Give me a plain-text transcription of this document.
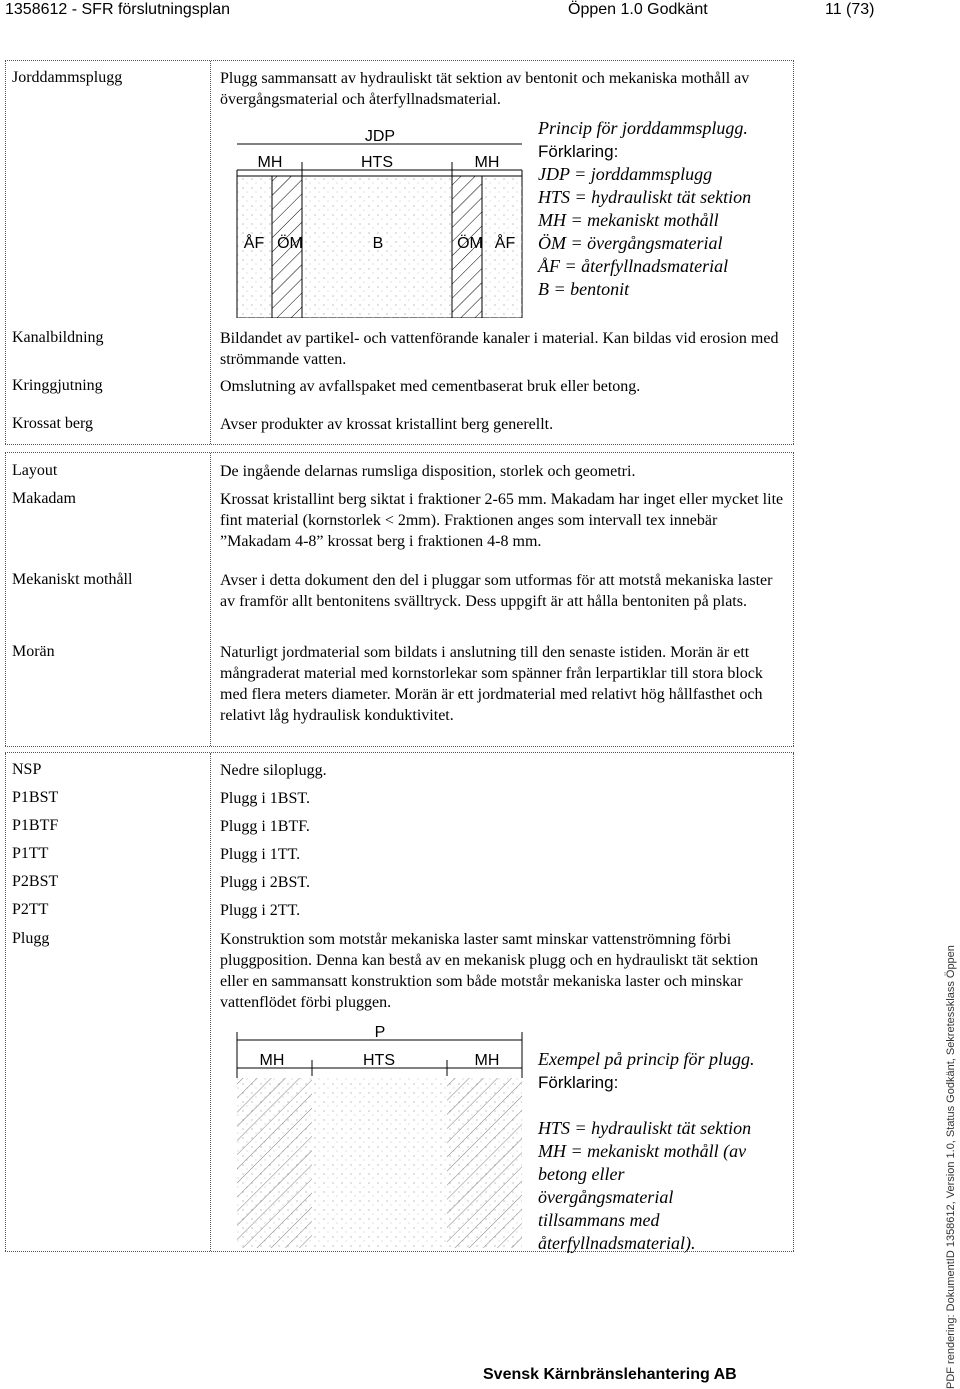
1358612 - SFR förslutningsplan	Öppen 1.0 Godkänt	11 (73)
Jorddammsplugg	Plugg sammansatt av hydrauliskt tät sektion av bentonit och mekaniska mothåll av övergångsmaterial och återfyllnadsmaterial.
JDP
HTS
MH	MH
ÅF ÖM	B	ÖM ÅF
Princip för jorddammsplugg.
Förklaring:
JDP = jorddammsplugg
HTS = hydrauliskt tät sektion
MH = mekaniskt mothåll
ÖM = övergångsmaterial
ÅF = återfyllnadsmaterial
B = bentonit
Kanalbildning	Bildandet av partikel- och vattenförande kanaler i material. Kan bildas vid erosion med strömmande vatten.
Kringgjutning	Omslutning av avfallspaket med cementbaserat bruk eller betong.
Krossat berg	Avser produkter av krossat kristallint berg generellt.
Layout	De ingående delarnas rumsliga disposition, storlek och geometri.
Makadam	Krossat kristallint berg siktat i fraktioner 2-65 mm. Makadam har inget eller mycket lite fint material (kornstorlek < 2mm). Fraktionen anges som intervall tex innebär ”Makadam 4-8” krossat berg i fraktionen 4-8 mm.
Mekaniskt mothåll	Avser i detta dokument den del i pluggar som utformas för att motstå mekaniska laster av framför allt bentonitens svälltryck. Dess uppgift är att hålla bentoniten på plats.
Morän	Naturligt jordmaterial som bildats i anslutning till den senaste istiden. Morän är ett mångraderat material med kornstorlekar som spänner från lerpartiklar till stora block med flera meters diameter. Morän är ett jordmaterial med relativt hög hållfasthet och relativt låg hydraulisk konduktivitet.
NSP	Nedre siloplugg.
P1BST	Plugg i 1BST.
P1BTF	Plugg i 1BTF.
P1TT	Plugg i 1TT.
P2BST	Plugg i 2BST.
P2TT	Plugg i 2TT.
Plugg	Konstruktion som motstår mekaniska laster samt minskar vattenströmning förbi pluggposition. Denna kan bestå av en mekanisk plugg och en hydrauliskt tät sektion eller en sammansatt konstruktion som både motstår mekaniska laster och minskar vattenflödet förbi pluggen.
P
MH	HTS	MH Exempel på princip för plugg.
Förklaring:
HTS = hydrauliskt tät sektion
MH = mekaniskt mothåll (av
betong eller
övergångsmaterial
tillsammans med
återfyllnadsmaterial).
Svensk Kärnbränslehantering AB	PDF rendering: DokumentID 1358612, Version 1.0, Status Godkänt, Sekretessklass Öppen
